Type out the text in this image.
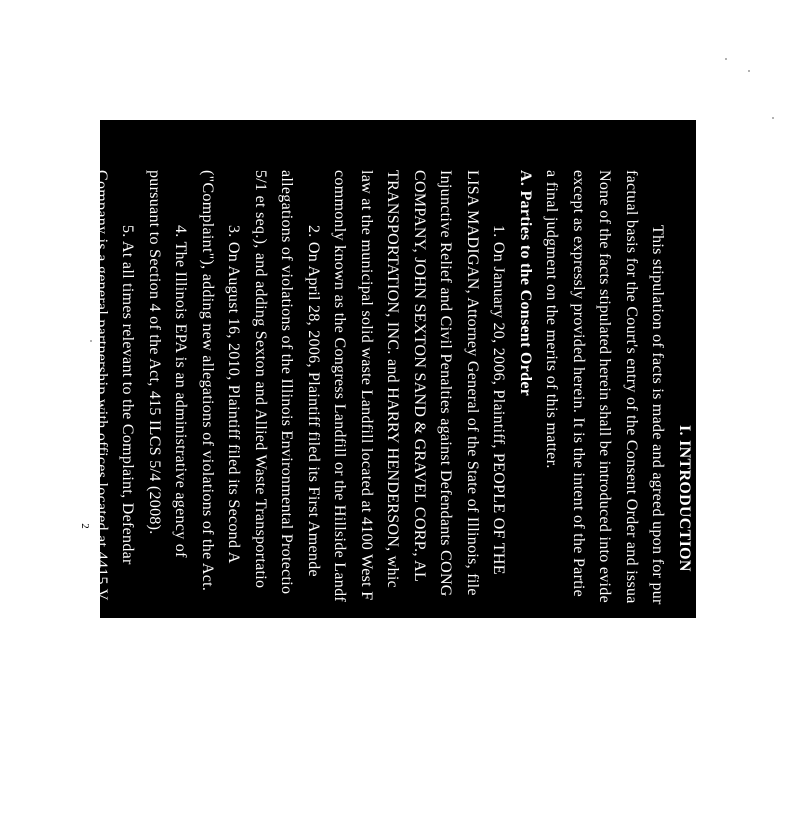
I. INTRODUCTION
This stipulation of facts is made and agreed upon for pur
factual basis for the Court's entry of the Consent Order and issua
None of the facts stipulated herein shall be introduced into evide
except as expressly provided herein. It is the intent of the Partie
a final judgment on the merits of this matter.
A. Parties to the Consent Order
1. On January 20, 2006, Plaintiff, PEOPLE OF THE
LISA MADIGAN, Attorney General of the State of Illinois, file
Injunctive Relief and Civil Penalties against Defendants CONG
COMPANY, JOHN SEXTON SAND & GRAVEL CORP., AL
TRANSPORTATION, INC. and HARRY HENDERSON, whic
law at the municipal solid waste Landfill located at 4100 West F
commonly known as the Congress Landfill or the Hillside Landf
2. On April 28, 2006, Plaintiff filed its First Amende
allegations of violations of the Illinois Environmental Protectio
5/1 et seq.), and adding Sexton and Allied Waste Transportatio
3. On August 16, 2010, Plaintiff filed its Second A
("Complaint"), adding new allegations of violations of the Act.
4. The Illinois EPA is an administrative agency of
pursuant to Section 4 of the Act, 415 ILCS 5/4 (2008).
5. At all times relevant to the Complaint, Defendar
Company is a general partnership with offices located at 4415 V
2
